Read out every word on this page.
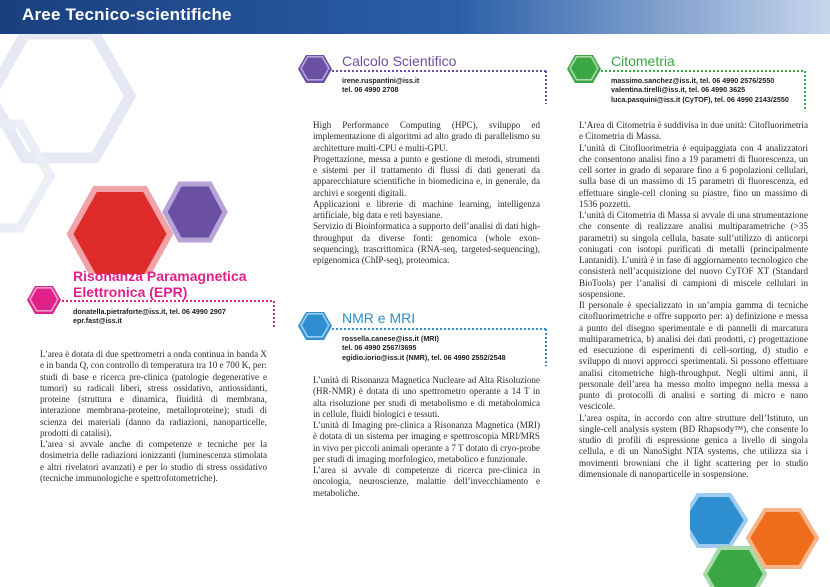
Aree Tecnico-scientifiche
Risonanza Paramagnetica
Elettronica (EPR)
donatella.pietraforte@iss.it, tel. 06 4990 2907
epr.fast@iss.it

L’area è dotata di due spettrometri a onda continua in banda X e in banda Q, con controllo di temperatura tra 10 e 700 K, per: studi di base e ricerca pre-clinica (patologie degenerative e tumori) su radicali liberi, stress ossidativo, antiossidanti, proteine (struttura e dinamica, fluidità di membrana, interazione membrana-proteine, metalloproteine); studi di scienza dei materiali (danno da radiazioni, nanoparticelle, prodotti di catalisi).

L’area si avvale anche di competenze e tecniche per la dosimetria delle radiazioni ionizzanti (luminescenza stimolata e altri rivelatori avanzati) e per lo studio di stress ossidativo (tecniche immunologiche e spettrofotometriche).

Calcolo Scientifico
irene.ruspantini@iss.it
tel. 06 4990 2708

High Performance Computing (HPC), sviluppo ed implementazione di algoritmi ad alto grado di parallelismo su architetture multi-CPU e multi-GPU.

Progettazione, messa a punto e gestione di metodi, strumenti e sistemi per il trattamento di flussi di dati generati da apparecchiature scientifiche in biomedicina e, in generale, da archivi e sorgenti digitali.

Applicazioni e librerie di machine learning, intelligenza artificiale, big data e reti bayesiane.

Servizio di Bioinformatica a supporto dell’analisi di dati high-throughput da diverse fonti: genomica (whole exon-sequencing), trascrittomica (RNA-seq, targeted-sequencing), epigenomica (ChIP-seq), proteomica.

NMR e MRI
rossella.canese@iss.it (MRI)
tel. 06 4990 2567/3695
egidio.iorio@iss.it (NMR), tel. 06 4990 2552/2548

L’unità di Risonanza Magnetica Nucleare ad Alta Risoluzione (HR-NMR) è dotata di uno spettrometro operante a 14 T in alta risoluzione per studi di metabolismo e di metabolomica in cellule, fluidi biologici e tessuti.

L’unità di Imaging pre-clinica a Risonanza Magnetica (MRI) è dotata di un sistema per imaging e spettroscopia MRI/MRS in vivo per piccoli animali operante a 7 T dotato di cryo-probe per studi di imaging morfologico, metabolico e funzionale.

L’area si avvale di competenze di ricerca pre-clinica in oncologia, neuroscienze, malattie dell’invecchiamento e metaboliche.

Citometria
massimo.sanchez@iss.it, tel. 06 4990 2576/2550
valentina.tirelli@iss.it, tel. 06 4990 3625
luca.pasquini@iss.it (CyTOF), tel. 06 4990 2143/2550

L’Area di Citometria è suddivisa in due unità: Citofluorimetria e Citometria di Massa.

L’unità di Citofluorimetria è equipaggiata con 4 analizzatori che consentono analisi fino a 19 parametri di fluorescenza, un cell sorter in grado di separare fino a 6 popolazioni cellulari, sulla base di un massimo di 15 parametri di fluorescenza, ed effettuare single-cell cloning su piastre, fino un massimo di 1536 pozzetti.

L’unità di Citometria di Massa si avvale di una strumentazione che consente di realizzare analisi multiparametriche (>35 parametri) su singola cellula, basate sull’utilizzo di anticorpi coniugati con isotopi purificati di metalli (principalmente Lantanidi). L’unità è in fase di aggiornamento tecnologico che consisterà nell’acquisizione del nuovo CyTOF XT (Standard BioTools) per l’analisi di campioni di miscele cellulari in sospensione.

Il personale è specializzato in un’ampia gamma di tecniche citofluorimetriche e offre supporto per: a) definizione e messa a punto del disegno sperimentale e di pannelli di marcatura multiparametrica, b) analisi dei dati prodotti, c) progettazione ed esecuzione di esperimenti di cell-sorting, d) studio e sviluppo di nuovi approcci sperimentali. Si possono effettuare analisi citometriche high-throughput. Negli ultimi anni, il personale dell’area ha messo molto impegno nella messa a punto di protocolli di analisi e sorting di micro e nano vescicole.

L’area ospita, in accordo con altre strutture dell’Istituto, un single-cell analysis system (BD Rhapsody™), che consente lo studio di profili di espressione genica a livello di singola cellula, e di un NanoSight NTA systems, che utilizza sia i movimenti browniani che il light scattering per lo studio dimensionale di nanoparticelle in sospensione.
